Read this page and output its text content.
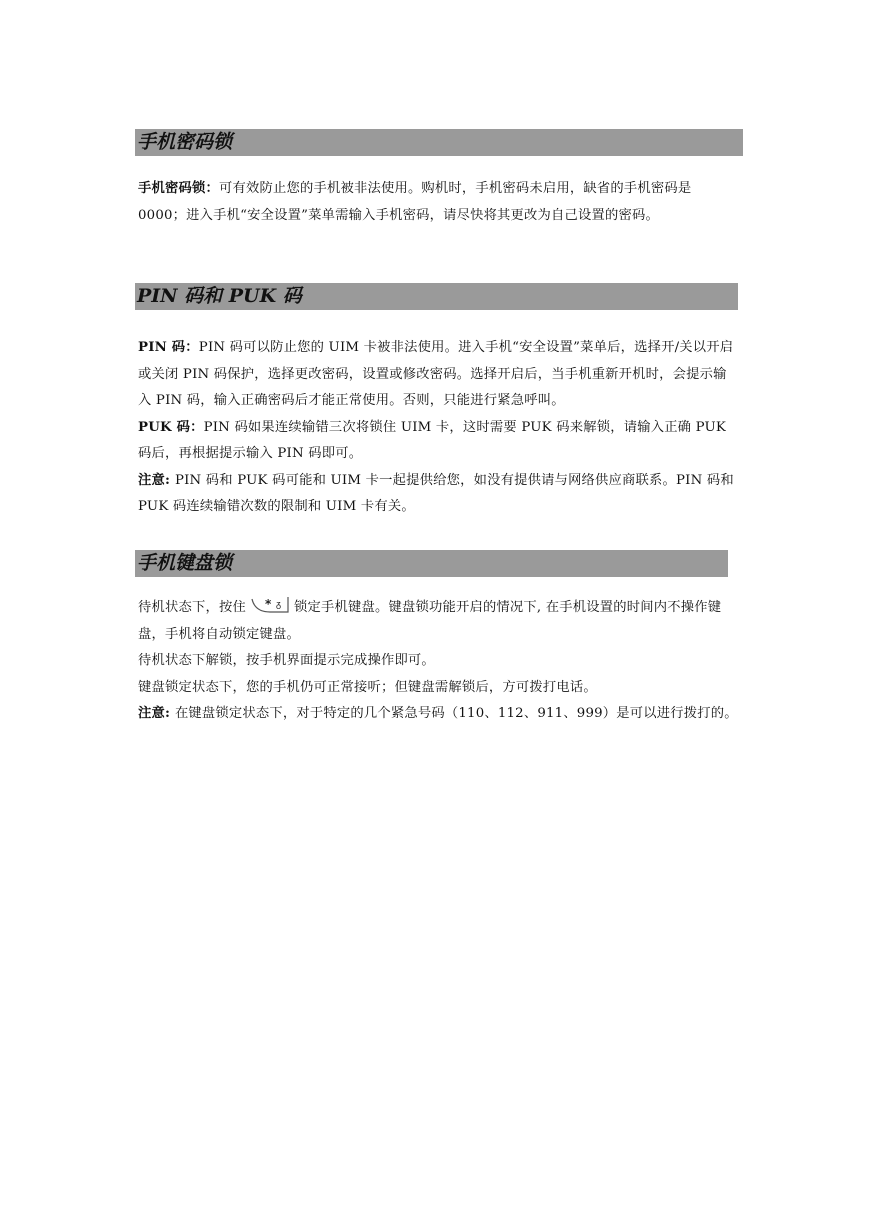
手机密码锁

手机密码锁：可有效防止您的手机被非法使用。购机时，手机密码未启用，缺省的手机密码是 0000；进入手机“安全设置”菜单需输入手机密码，请尽快将其更改为自己设置的密码。

PIN 码和 PUK 码

PIN 码：PIN 码可以防止您的 UIM 卡被非法使用。进入手机“安全设置”菜单后，选择开/关以开启或关闭 PIN 码保护，选择更改密码，设置或修改密码。选择开启后，当手机重新开机时，会提示输入 PIN 码，输入正确密码后才能正常使用。否则，只能进行紧急呼叫。

PUK 码：PIN 码如果连续输错三次将锁住 UIM 卡，这时需要 PUK 码来解锁，请输入正确 PUK 码后，再根据提示输入 PIN 码即可。

注意: PIN 码和 PUK 码可能和 UIM 卡一起提供给您，如没有提供请与网络供应商联系。PIN 码和 PUK 码连续输错次数的限制和 UIM 卡有关。

手机键盘锁

待机状态下，按住 * ᵹ 锁定手机键盘。键盘锁功能开启的情况下, 在手机设置的时间内不操作键盘，手机将自动锁定键盘。

待机状态下解锁，按手机界面提示完成操作即可。

键盘锁定状态下，您的手机仍可正常接听；但键盘需解锁后，方可拨打电话。

注意: 在键盘锁定状态下，对于特定的几个紧急号码（110、112、911、999）是可以进行拨打的。
